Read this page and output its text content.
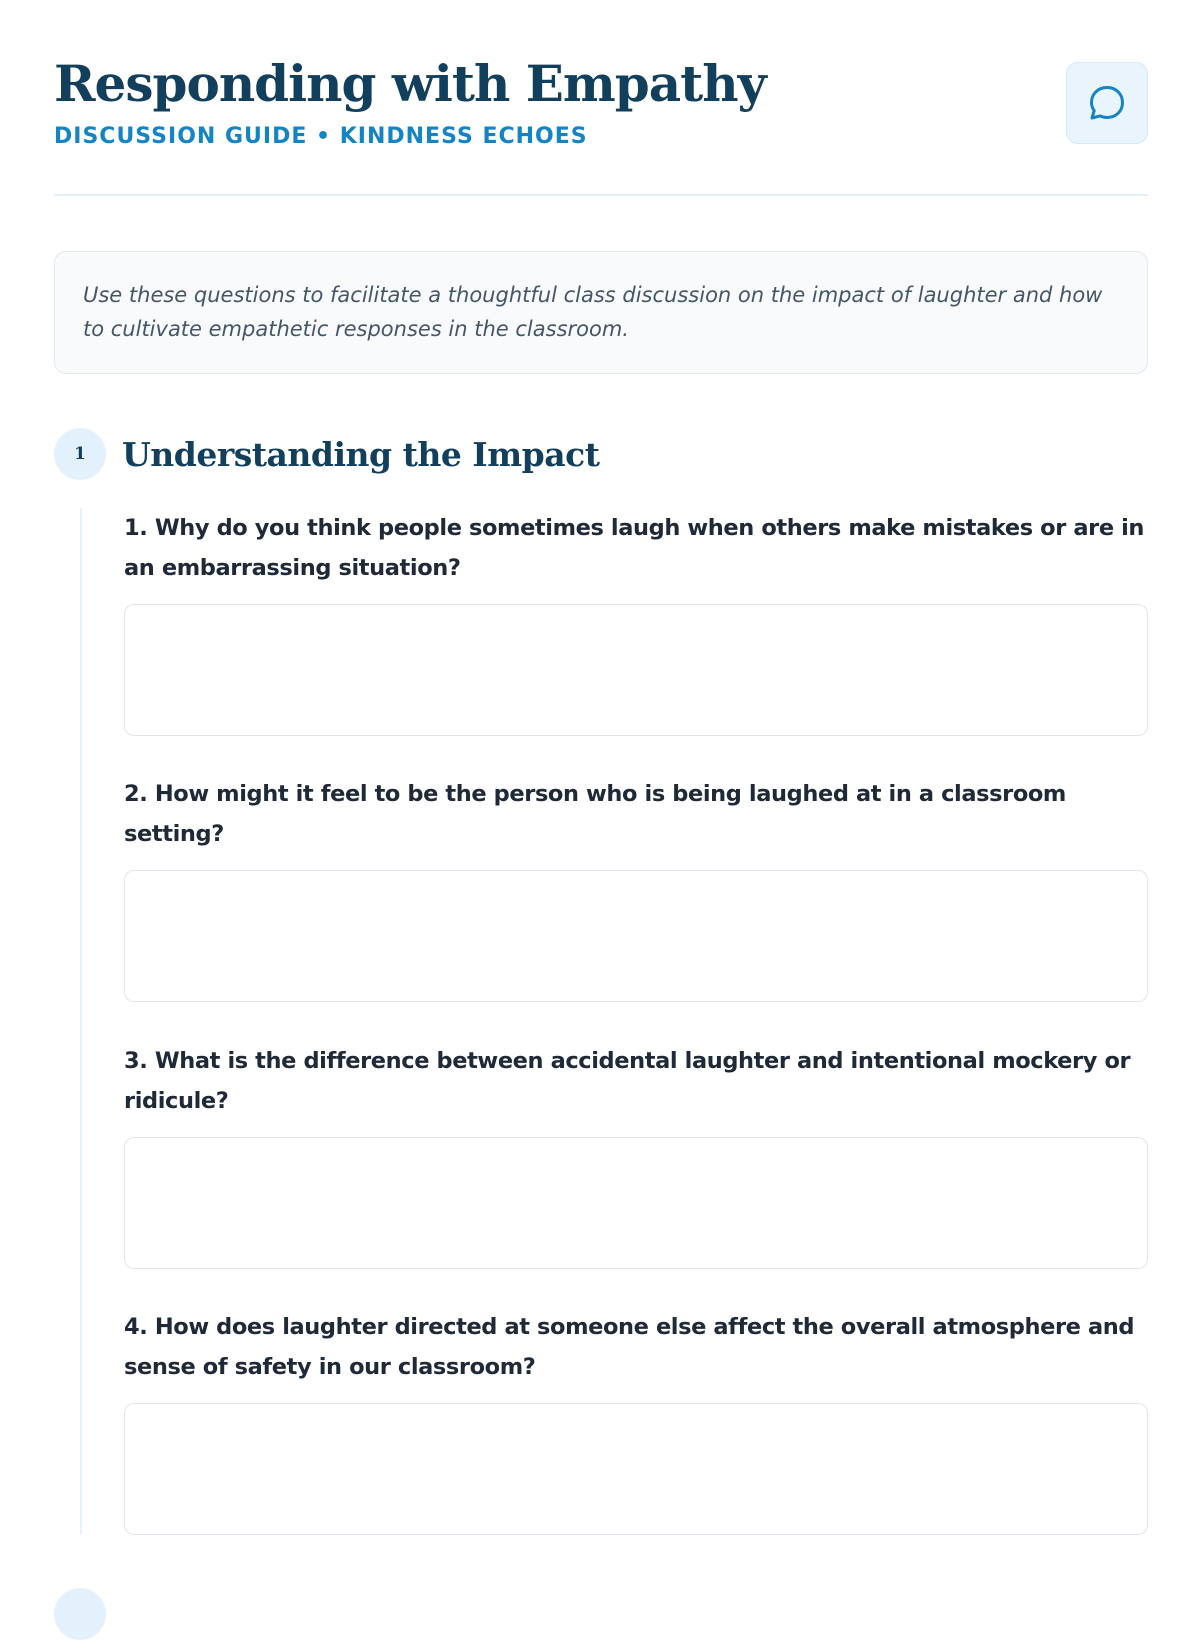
Responding with Empathy
DISCUSSION GUIDE • KINDNESS ECHOES

Use these questions to facilitate a thoughtful class discussion on the impact of laughter and how to cultivate empathetic responses in the classroom.

1	Understanding the Impact

1. Why do you think people sometimes laugh when others make mistakes or are in an embarrassing situation?

2. How might it feel to be the person who is being laughed at in a classroom setting?

3. What is the difference between accidental laughter and intentional mockery or ridicule?

4. How does laughter directed at someone else affect the overall atmosphere and sense of safety in our classroom?
